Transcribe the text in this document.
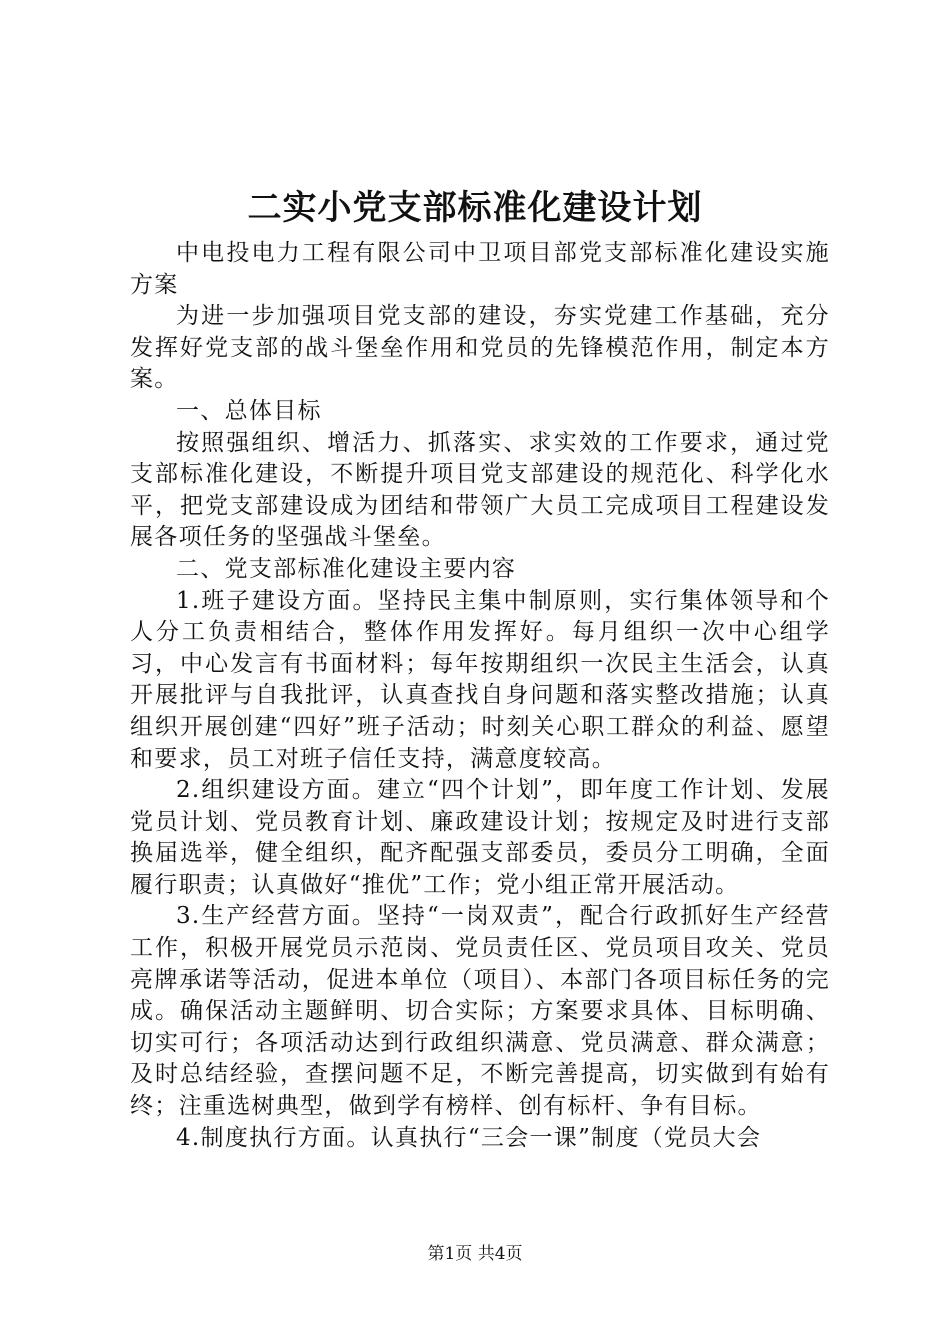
二实小党支部标准化建设计划

中电投电力工程有限公司中卫项目部党支部标准化建设实施方案

为进一步加强项目党支部的建设，夯实党建工作基础，充分发挥好党支部的战斗堡垒作用和党员的先锋模范作用，制定本方案。

一、总体目标

按照强组织、增活力、抓落实、求实效的工作要求，通过党支部标准化建设，不断提升项目党支部建设的规范化、科学化水平，把党支部建设成为团结和带领广大员工完成项目工程建设发展各项任务的坚强战斗堡垒。

二、党支部标准化建设主要内容

1.班子建设方面。坚持民主集中制原则，实行集体领导和个人分工负责相结合，整体作用发挥好。每月组织一次中心组学习，中心发言有书面材料；每年按期组织一次民主生活会，认真开展批评与自我批评，认真查找自身问题和落实整改措施；认真组织开展创建“四好”班子活动；时刻关心职工群众的利益、愿望和要求，员工对班子信任支持，满意度较高。

2.组织建设方面。建立“四个计划”，即年度工作计划、发展党员计划、党员教育计划、廉政建设计划；按规定及时进行支部换届选举，健全组织，配齐配强支部委员，委员分工明确，全面履行职责；认真做好“推优”工作；党小组正常开展活动。

3.生产经营方面。坚持“一岗双责”，配合行政抓好生产经营工作，积极开展党员示范岗、党员责任区、党员项目攻关、党员亮牌承诺等活动，促进本单位（项目）、本部门各项目标任务的完成。确保活动主题鲜明、切合实际；方案要求具体、目标明确、切实可行；各项活动达到行政组织满意、党员满意、群众满意；及时总结经验，查摆问题不足，不断完善提高，切实做到有始有终；注重选树典型，做到学有榜样、创有标杆、争有目标。

4.制度执行方面。认真执行“三会一课”制度（党员大会

第1页 共4页
